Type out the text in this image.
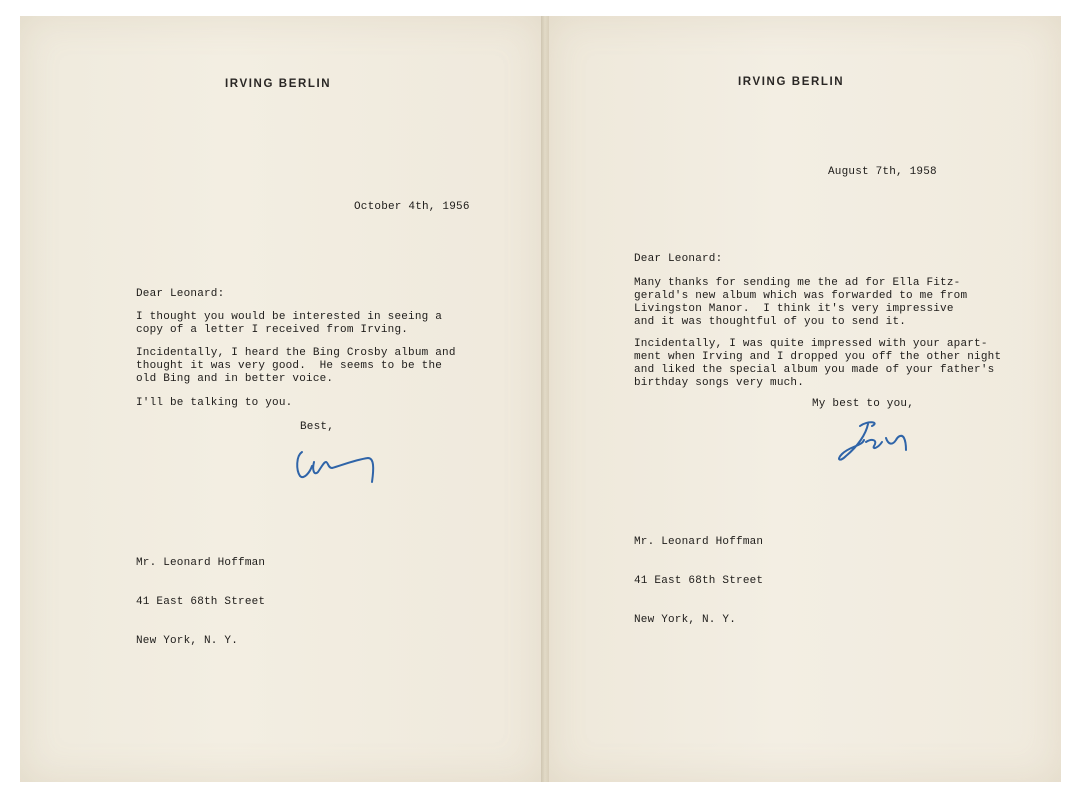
IRVING BERLIN

October 4th, 1956

Dear Leonard:

I thought you would be interested in seeing a
copy of a letter I received from Irving.

Incidentally, I heard the Bing Crosby album and
thought it was very good.  He seems to be the
old Bing and in better voice.

I'll be talking to you.

Best,

Mr. Leonard Hoffman

41 East 68th Street

New York, N. Y.

IRVING BERLIN

August 7th, 1958

Dear Leonard:

Many thanks for sending me the ad for Ella Fitz-
gerald's new album which was forwarded to me from
Livingston Manor.  I think it's very impressive
and it was thoughtful of you to send it.

Incidentally, I was quite impressed with your apart-
ment when Irving and I dropped you off the other night
and liked the special album you made of your father's
birthday songs very much.

My best to you,

Mr. Leonard Hoffman

41 East 68th Street

New York, N. Y.
